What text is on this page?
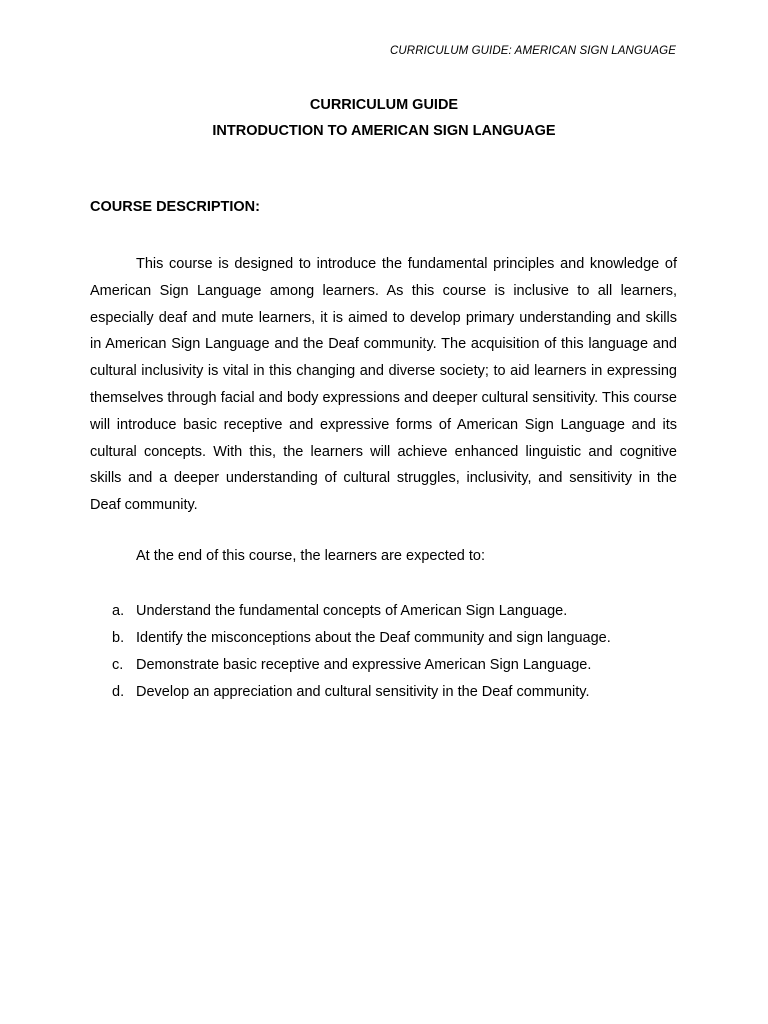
CURRICULUM GUIDE: AMERICAN SIGN LANGUAGE
CURRICULUM GUIDE
INTRODUCTION TO AMERICAN SIGN LANGUAGE
COURSE DESCRIPTION:

This course is designed to introduce the fundamental principles and knowledge of American Sign Language among learners. As this course is inclusive to all learners, especially deaf and mute learners, it is aimed to develop primary understanding and skills in American Sign Language and the Deaf community. The acquisition of this language and cultural inclusivity is vital in this changing and diverse society; to aid learners in expressing themselves through facial and body expressions and deeper cultural sensitivity. This course will introduce basic receptive and expressive forms of American Sign Language and its cultural concepts. With this, the learners will achieve enhanced linguistic and cognitive skills and a deeper understanding of cultural struggles, inclusivity, and sensitivity in the Deaf community.

At the end of this course, the learners are expected to:
a. Understand the fundamental concepts of American Sign Language.
b. Identify the misconceptions about the Deaf community and sign language.
c. Demonstrate basic receptive and expressive American Sign Language.
d. Develop an appreciation and cultural sensitivity in the Deaf community.
